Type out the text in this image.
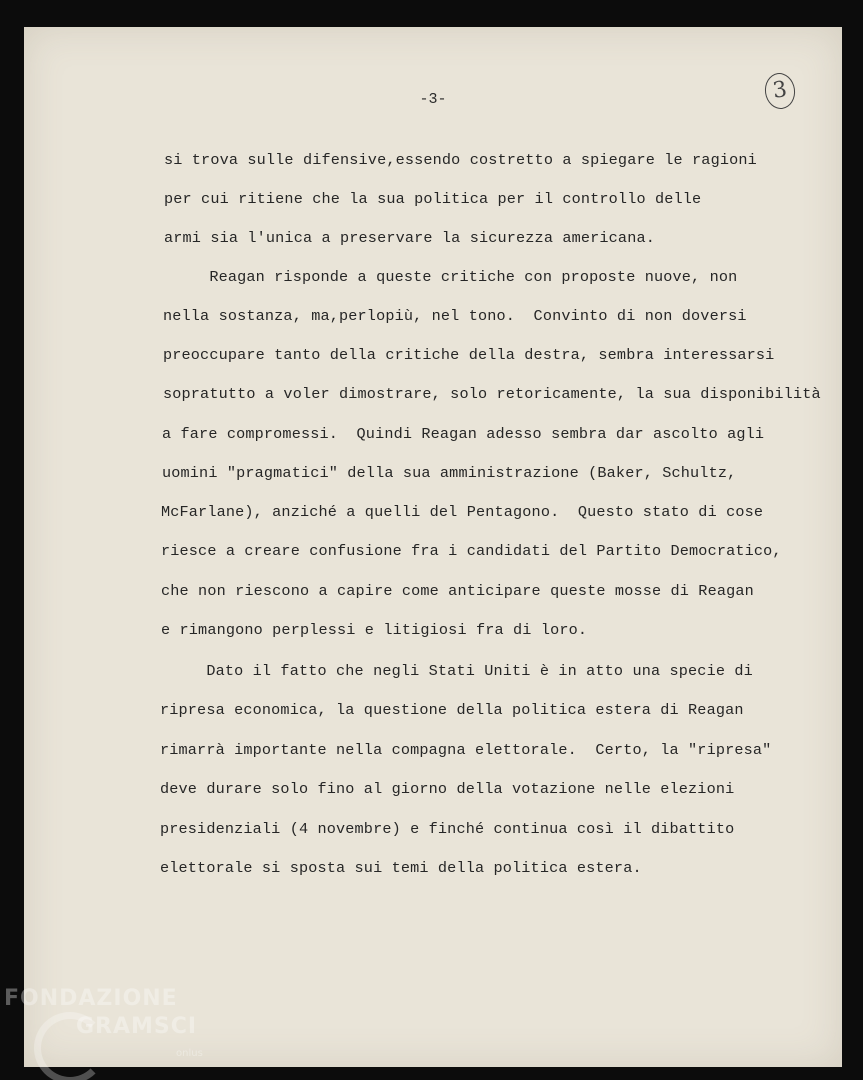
-3-	3
si trova sulle difensive,essendo costretto a spiegare le ragioni
per cui ritiene che la sua politica per il controllo delle
armi sia l'unica a preservare la sicurezza americana.
Reagan risponde a queste critiche con proposte nuove, non
nella sostanza, ma,perlopiù, nel tono.  Convinto di non doversi
preoccupare tanto della critiche della destra, sembra interessarsi
sopratutto a voler dimostrare, solo retoricamente, la sua disponibilità
a fare compromessi.  Quindi Reagan adesso sembra dar ascolto agli
uomini "pragmatici" della sua amministrazione (Baker, Schultz,
McFarlane), anziché a quelli del Pentagono.  Questo stato di cose
riesce a creare confusione fra i candidati del Partito Democratico,
che non riescono a capire come anticipare queste mosse di Reagan
e rimangono perplessi e litigiosi fra di loro.
Dato il fatto che negli Stati Uniti è in atto una specie di
ripresa economica, la questione della politica estera di Reagan
rimarrà importante nella compagna elettorale.  Certo, la "ripresa"
deve durare solo fino al giorno della votazione nelle elezioni
presidenziali (4 novembre) e finché continua così il dibattito
elettorale si sposta sui temi della politica estera.
FONDAZIONE
GRAMSCI
onlus
